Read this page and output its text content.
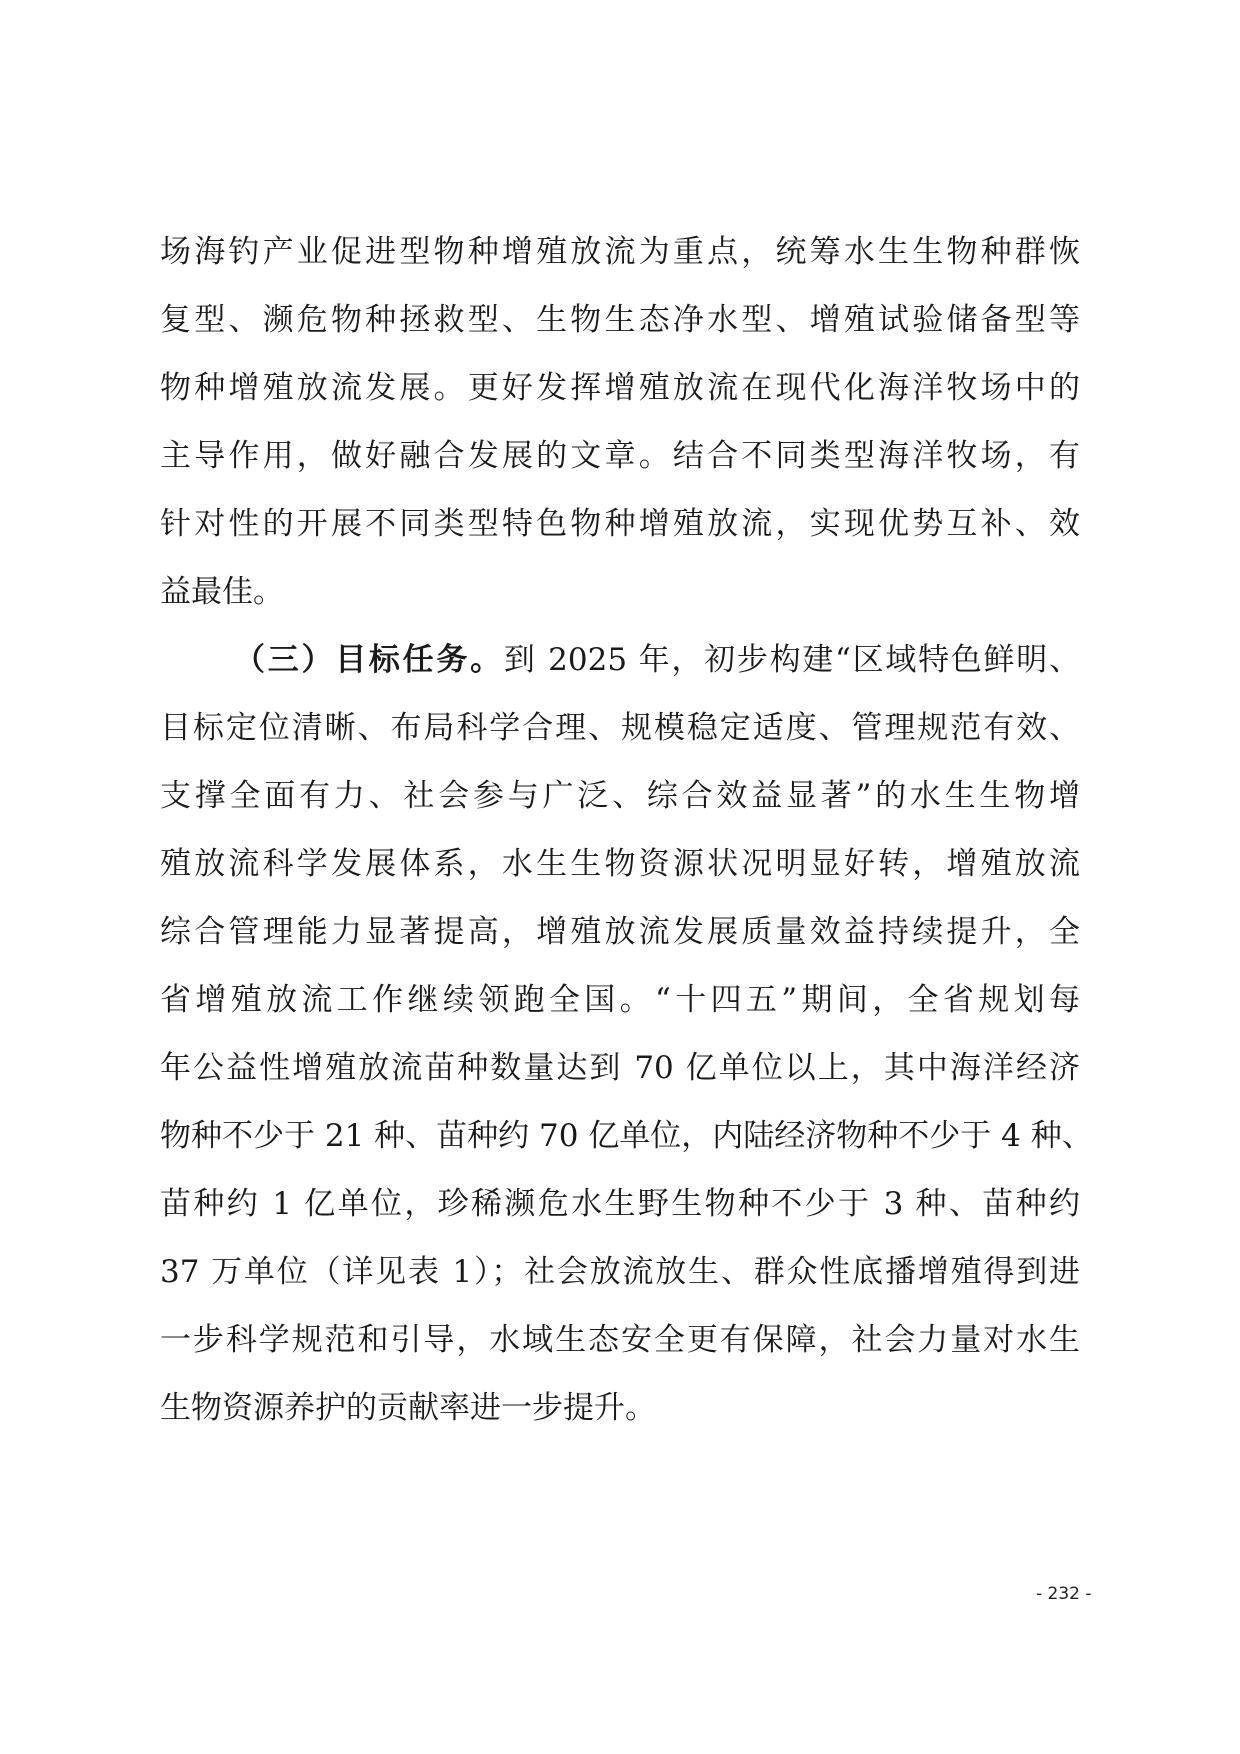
场海钓产业促进型物种增殖放流为重点，统筹水生生物种群恢
复型、濒危物种拯救型、生物生态净水型、增殖试验储备型等
物种增殖放流发展。更好发挥增殖放流在现代化海洋牧场中的
主导作用，做好融合发展的文章。结合不同类型海洋牧场，有
针对性的开展不同类型特色物种增殖放流，实现优势互补、效
益最佳。
（三）目标任务。到 2025 年，初步构建“区域特色鲜明、
目标定位清晰、布局科学合理、规模稳定适度、管理规范有效、
支撑全面有力、社会参与广泛、综合效益显著”的水生生物增
殖放流科学发展体系，水生生物资源状况明显好转，增殖放流
综合管理能力显著提高，增殖放流发展质量效益持续提升，全
省增殖放流工作继续领跑全国。“十四五”期间，全省规划每
年公益性增殖放流苗种数量达到 70 亿单位以上，其中海洋经济
物种不少于 21 种、苗种约 70 亿单位，内陆经济物种不少于 4 种、
苗种约 1 亿单位，珍稀濒危水生野生物种不少于 3 种、苗种约
37 万单位（详见表 1）；社会放流放生、群众性底播增殖得到进
一步科学规范和引导，水域生态安全更有保障，社会力量对水生
生物资源养护的贡献率进一步提升。
- 232 -
